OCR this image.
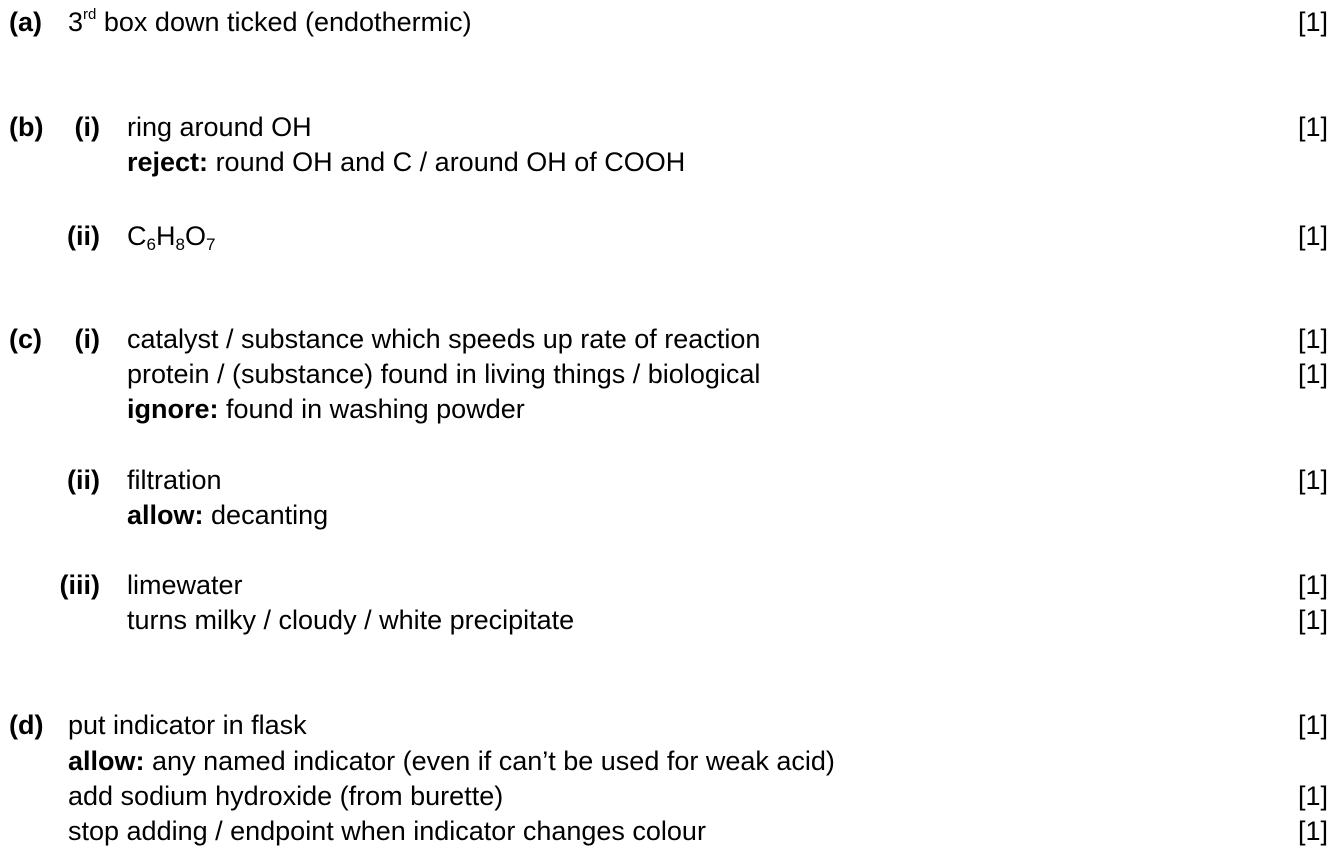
(a) 3rd box down ticked (endothermic)	[1]
(b)	(i) ring around OH	[1]
reject: round OH and C / around OH of COOH
(ii) $C_6H_8O_7$	[1]
(c)	(i) catalyst / substance which speeds up rate of reaction	[1]
protein / (substance) found in living things / biological	[1]
ignore: found in washing powder
(ii) filtration	[1]
allow: decanting
(iii) limewater	[1]
turns milky / cloudy / white precipitate	[1]
(d) put indicator in flask	[1]
allow: any named indicator (even if can’t be used for weak acid)
add sodium hydroxide (from burette)	[1]
stop adding / endpoint when indicator changes colour	[1]
